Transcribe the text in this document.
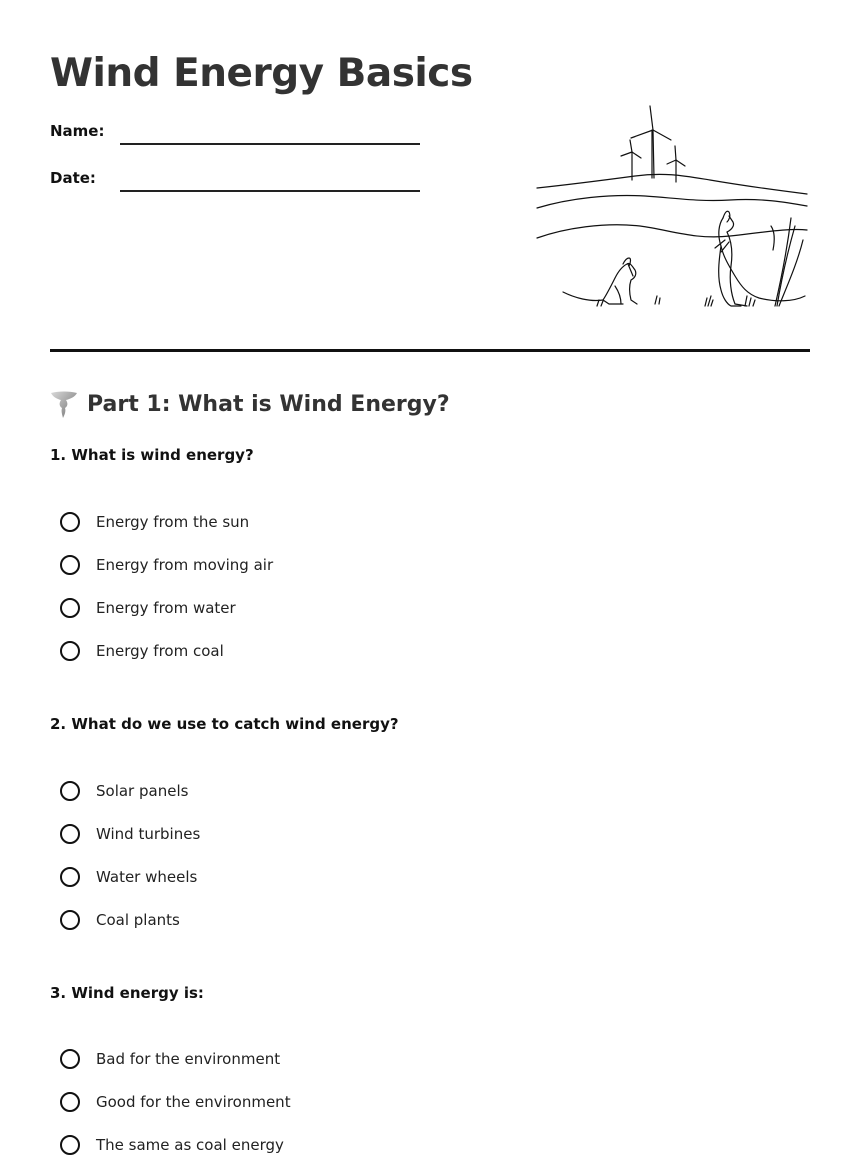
Wind Energy Basics
Name:
Date:
Part 1: What is Wind Energy?
1. What is wind energy?
Energy from the sun
Energy from moving air
Energy from water
Energy from coal
2. What do we use to catch wind energy?
Solar panels
Wind turbines
Water wheels
Coal plants
3. Wind energy is:
Bad for the environment
Good for the environment
The same as coal energy
